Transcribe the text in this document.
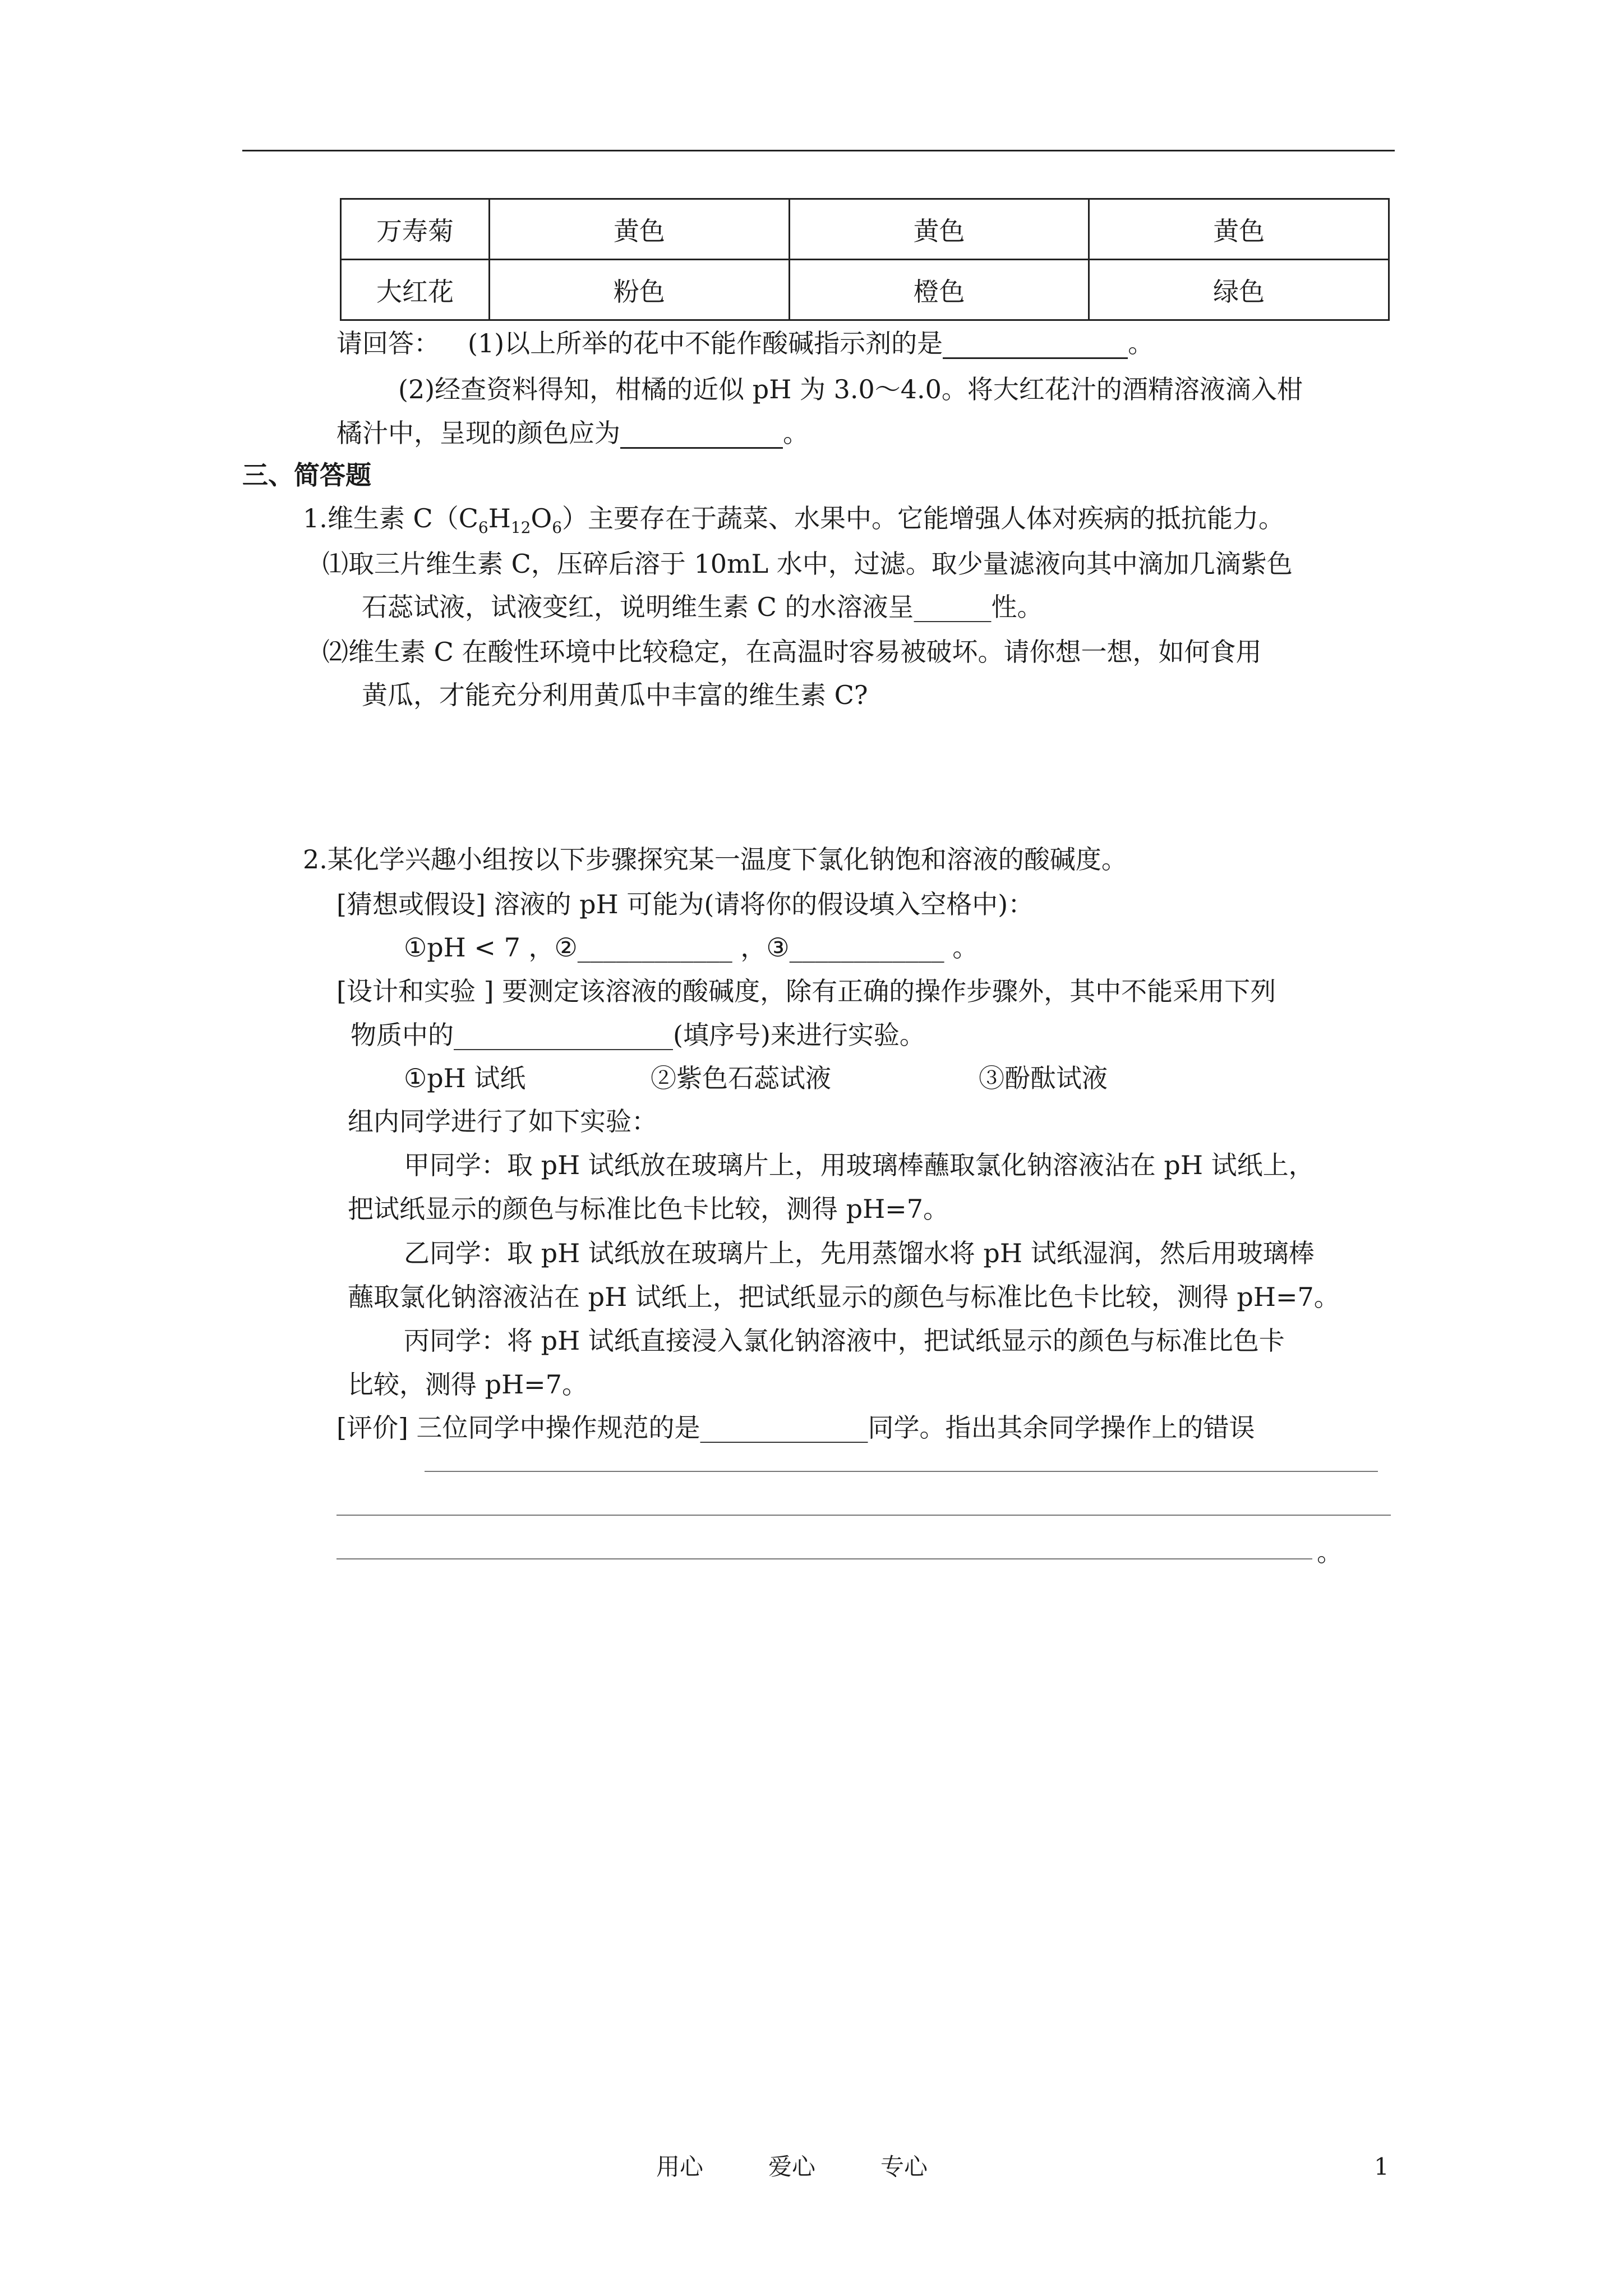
万寿菊	黄色	黄色	黄色
大红花	粉色	橙色	绿色
请回答： (1)以上所举的花中不能作酸碱指示剂的是	。
(2)经查资料得知，柑橘的近似 pH 为 3.0～4.0。将大红花汁的酒精溶液滴入柑
橘汁中，呈现的颜色应为	。
三、简答题
1.维生素 $C(C_6H_{12}O_6)$主要存在于蔬菜、水果中。它能增强人体对疾病的抵抗能力。
⑴取三片维生素 C，压碎后溶于 10mL 水中，过滤。取少量滤液向其中滴加几滴紫色
石蕊试液，试液变红，说明维生素 C 的水溶液呈______性。
⑵维生素 C 在酸性环境中比较稳定，在高温时容易被破坏。请你想一想，如何食用
黄瓜，才能充分利用黄瓜中丰富的维生素 C?
2.某化学兴趣小组按以下步骤探究某一温度下氯化钠饱和溶液的酸碱度。
[猜想或假设] 溶液的 pH 可能为(请将你的假设填入空格中)：
①pH < 7 ，②____________ ，③____________ 。
[设计和实验 ] 要测定该溶液的酸碱度，除有正确的操作步骤外，其中不能采用下列
物质中的_________________(填序号)来进行实验。
①pH 试纸	②紫色石蕊试液	③酚酞试液
组内同学进行了如下实验：
甲同学：取 pH 试纸放在玻璃片上，用玻璃棒蘸取氯化钠溶液沾在 pH 试纸上，
把试纸显示的颜色与标准比色卡比较，测得 pH=7。
乙同学：取 pH 试纸放在玻璃片上，先用蒸馏水将 pH 试纸湿润，然后用玻璃棒
蘸取氯化钠溶液沾在 pH 试纸上，把试纸显示的颜色与标准比色卡比较，测得 pH=7。
丙同学：将 pH 试纸直接浸入氯化钠溶液中，把试纸显示的颜色与标准比色卡
比较，测得 pH=7。
[评价] 三位同学中操作规范的是_____________同学。指出其余同学操作上的错误
。
用心	爱心	专心	1
